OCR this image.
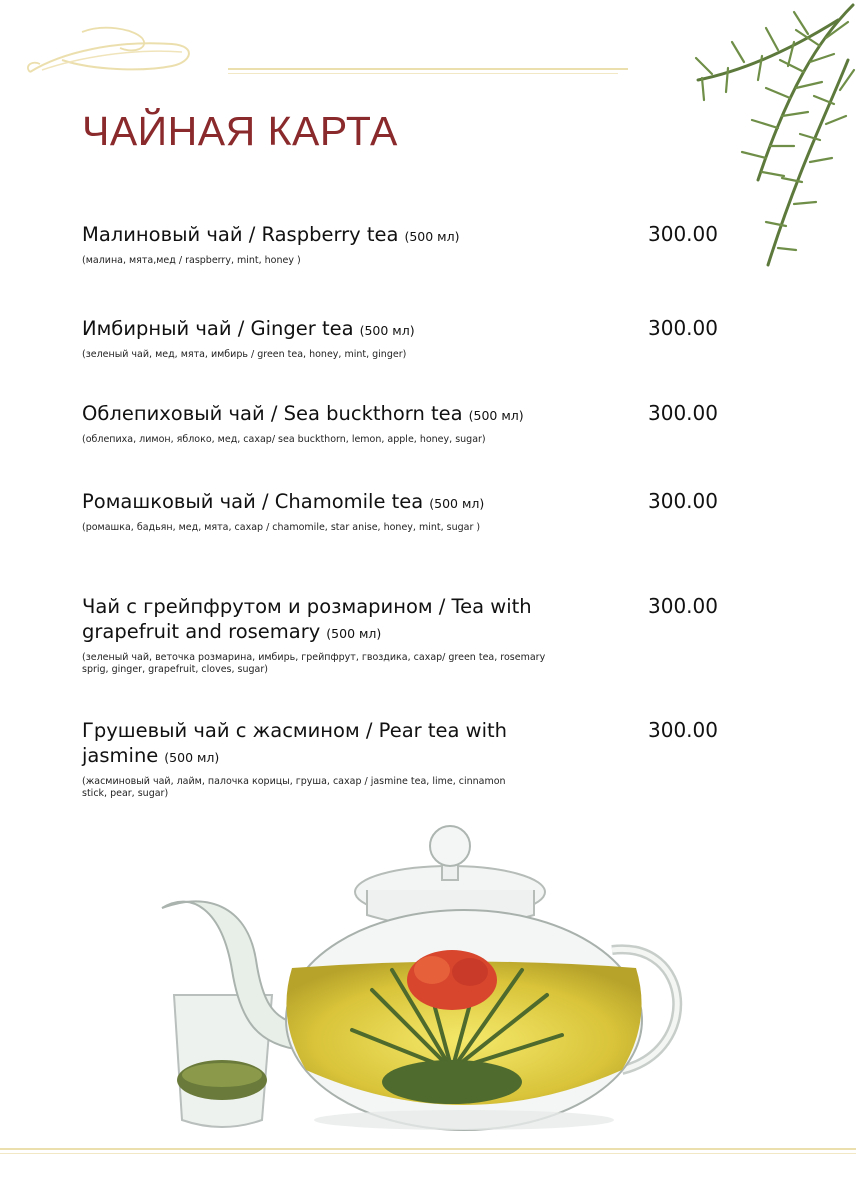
ЧАЙНАЯ КАРТА
Малиновый чай / Raspberry tea (500 мл)
(малина, мята,мед / raspberry, mint, honey )
300.00
Имбирный чай / Ginger tea (500 мл)
(зеленый чай, мед, мята, имбирь / green tea, honey, mint, ginger)
300.00
Облепиховый чай / Sea buckthorn tea (500 мл)
(облепиха, лимон, яблоко, мед, сахар/ sea buckthorn, lemon, apple, honey, sugar)
300.00
Ромашковый чай / Chamomile tea (500 мл)
(ромашка, бадьян, мед, мята, сахар / chamomile, star anise, honey, mint, sugar )
300.00
Чай с грейпфрутом и розмарином / Tea with grapefruit and rosemary (500 мл)
(зеленый чай, веточка розмарина, имбирь, грейпфрут, гвоздика, сахар/ green tea, rosemary sprig, ginger, grapefruit, cloves, sugar)
300.00
Грушевый чай с жасмином / Pear tea with jasmine (500 мл)
(жасминовый чай, лайм, палочка корицы, груша, сахар / jasmine tea, lime, cinnamon stick, pear, sugar)
300.00
